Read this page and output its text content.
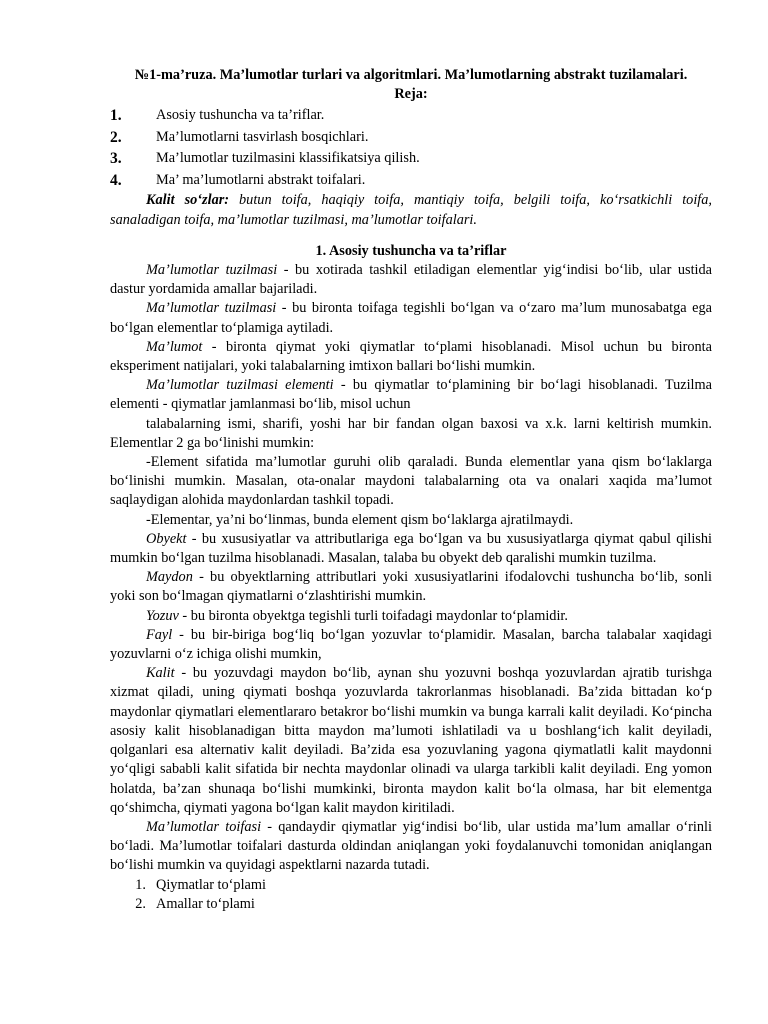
№1-ma’ruza. Ma’lumotlar turlari va algoritmlari. Ma’lumotlarning abstrakt tuzilamalari.

Reja:

1.	Asosiy tushuncha va ta’riflar.
2.	Ma’lumotlarni tasvirlash bosqichlari.
3.	Ma’lumotlar tuzilmasini klassifikatsiya qilish.
4.	Ma’ ma’lumotlarni abstrakt toifalari.

Kalit so‘zlar: butun toifa, haqiqiy toifa, mantiqiy toifa, belgili toifa, ko‘rsatkichli toifa, sanaladigan toifa, ma’lumotlar tuzilmasi, ma’lumotlar toifalari.

1. Asosiy tushuncha va ta’riflar

Ma’lumotlar tuzilmasi - bu xotirada tashkil etiladigan elementlar yig‘indisi bo‘lib, ular ustida dastur yordamida amallar bajariladi.

Ma’lumotlar tuzilmasi - bu bironta toifaga tegishli bo‘lgan va o‘zaro ma’lum munosabatga ega bo‘lgan elementlar to‘plamiga aytiladi.

Ma’lumot - bironta qiymat yoki qiymatlar to‘plami hisoblanadi. Misol uchun bu bironta eksperiment natijalari, yoki talabalarning imtixon ballari bo‘lishi mumkin.

Ma’lumotlar tuzilmasi elementi - bu qiymatlar to‘plamining bir bo‘lagi hisoblanadi. Tuzilma elementi - qiymatlar jamlanmasi bo‘lib, misol uchun

talabalarning ismi, sharifi, yoshi har bir fandan olgan baxosi va x.k. larni keltirish mumkin. Elementlar 2 ga bo‘linishi mumkin:

-Element sifatida ma’lumotlar guruhi olib qaraladi. Bunda elementlar yana qism bo‘laklarga bo‘linishi mumkin. Masalan, ota-onalar maydoni talabalarning ota va onalari xaqida ma’lumot saqlaydigan alohida maydonlardan tashkil topadi.

-Elementar, ya’ni bo‘linmas, bunda element qism bo‘laklarga ajratilmaydi.

Obyekt - bu xususiyatlar va attributlariga ega bo‘lgan va bu xususiyatlarga qiymat qabul qilishi mumkin bo‘lgan tuzilma hisoblanadi. Masalan, talaba bu obyekt deb qaralishi mumkin tuzilma.

Maydon - bu obyektlarning attributlari yoki xususiyatlarini ifodalovchi tushuncha bo‘lib, sonli yoki son bo‘lmagan qiymatlarni o‘zlashtirishi mumkin.

Yozuv - bu bironta obyektga tegishli turli toifadagi maydonlar to‘plamidir.

Fayl - bu bir-biriga bog‘liq bo‘lgan yozuvlar to‘plamidir. Masalan, barcha talabalar xaqidagi yozuvlarni o‘z ichiga olishi mumkin,

Kalit - bu yozuvdagi maydon bo‘lib, aynan shu yozuvni boshqa yozuvlardan ajratib turishga xizmat qiladi, uning qiymati boshqa yozuvlarda takrorlanmas hisoblanadi. Ba’zida bittadan ko‘p maydonlar qiymatlari elementlararo betakror bo‘lishi mumkin va bunga karrali kalit deyiladi. Ko‘pincha asosiy kalit hisoblanadigan bitta maydon ma’lumoti ishlatiladi va u boshlang‘ich kalit deyiladi, qolganlari esa alternativ kalit deyiladi. Ba’zida esa yozuvlaning yagona qiymatlatli kalit maydonni yo‘qligi sababli kalit sifatida bir nechta maydonlar olinadi va ularga tarkibli kalit deyiladi. Eng yomon holatda, ba’zan shunaqa bo‘lishi mumkinki, bironta maydon kalit bo‘la olmasa, har bit elementga qo‘shimcha, qiymati yagona bo‘lgan kalit maydon kiritiladi.

Ma’lumotlar toifasi - qandaydir qiymatlar yig‘indisi bo‘lib, ular ustida ma’lum amallar o‘rinli bo‘ladi. Ma’lumotlar toifalari dasturda oldindan aniqlangan yoki foydalanuvchi tomonidan aniqlangan bo‘lishi mumkin va quyidagi aspektlarni nazarda tutadi.

1. Qiymatlar to‘plami
2. Amallar to‘plami
